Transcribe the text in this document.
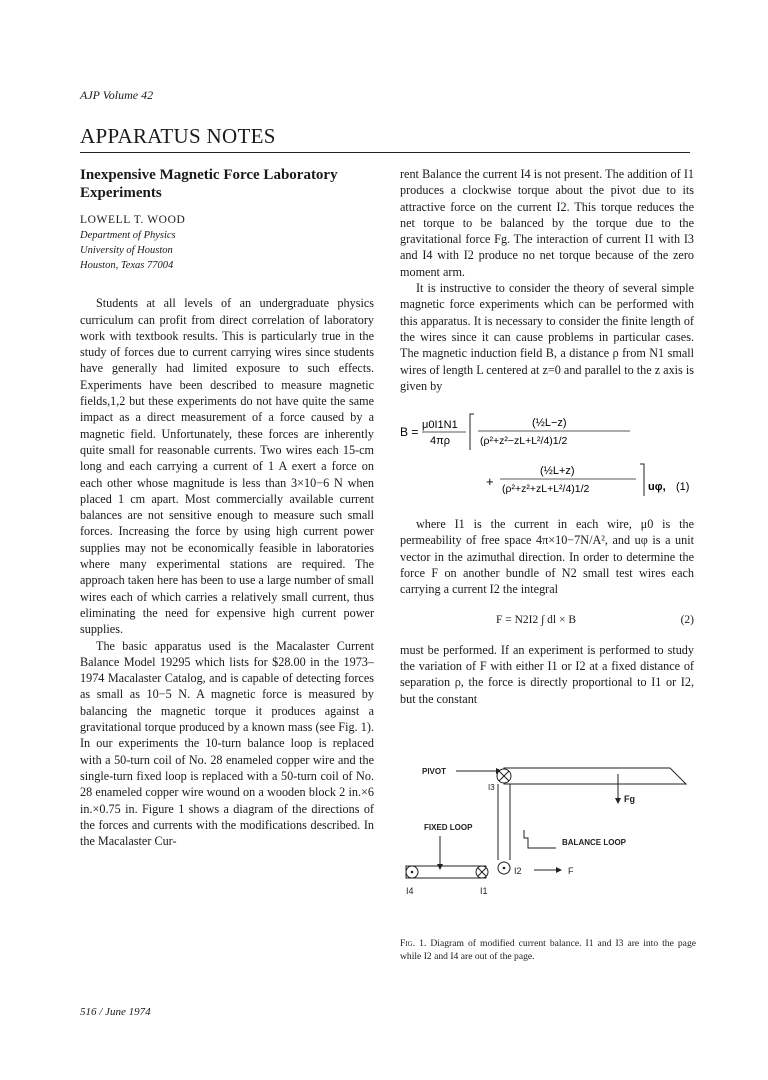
AJP Volume 42
APPARATUS NOTES
Inexpensive Magnetic Force Laboratory Experiments
LOWELL T. WOOD
Department of Physics
University of Houston
Houston, Texas 77004

Students at all levels of an undergraduate physics curriculum can profit from direct correlation of laboratory work with textbook results. This is particularly true in the study of forces due to current carrying wires since students have generally had limited exposure to such effects. Experiments have been described to measure magnetic fields,1,2 but these experiments do not have quite the same impact as a direct measurement of a force caused by a magnetic field. Unfortunately, these forces are inherently quite small for reasonable currents. Two wires each 15-cm long and each carrying a current of 1 A exert a force on each other whose magnitude is less than 3×10−6 N when placed 1 cm apart. Most commercially available current balances are not sensitive enough to measure such small forces. Increasing the force by using high current power supplies may not be economically feasible in laboratories where many experimental stations are required. The approach taken here has been to use a large number of small wires each of which carries a relatively small current, thus eliminating the need for expensive high current power supplies.

The basic apparatus used is the Macalaster Current Balance Model 19295 which lists for $28.00 in the 1973–1974 Macalaster Catalog, and is capable of detecting forces as small as 10−5 N. A magnetic force is measured by balancing the magnetic torque it produces against a gravitational torque produced by a known mass (see Fig. 1). In our experiments the 10-turn balance loop is replaced with a 50-turn coil of No. 28 enameled copper wire and the single-turn fixed loop is replaced with a 50-turn coil of No. 28 enameled copper wire wound on a wooden block 2 in.×6 in.×0.75 in. Figure 1 shows a diagram of the directions of the forces and currents with the modifications described. In the Macalaster Cur-

rent Balance the current I4 is not present. The addition of I1 produces a clockwise torque about the pivot due to its attractive force on the current I2. This torque reduces the net torque to be balanced by the torque due to the gravitational force Fg. The interaction of current I1 with I3 and I4 with I2 produce no net torque because of the zero moment arm.

It is instructive to consider the theory of several simple magnetic force experiments which can be performed with this apparatus. It is necessary to consider the finite length of the wires since it can cause problems in particular cases. The magnetic induction field B, a distance ρ from N1 small wires of length L centered at z=0 and parallel to the z axis is given by

B = μ0I1N1
4πρ
(½L−z)
(ρ²+z²−zL+L²/4)1/2
+
(½L+z)
(ρ²+z²+zL+L²/4)1/2	uφ, (1)

where I1 is the current in each wire, μ0 is the permeability of free space 4π×10−7N/A², and uφ is a unit vector in the azimuthal direction. In order to determine the force F on another bundle of N2 small test wires each carrying a current I2 the integral

F = N2I2 ∫ dl × B	(2)

must be performed. If an experiment is performed to study the variation of F with either I1 or I2 at a fixed distance of separation ρ, the force is directly proportional to I1 or I2, but the constant

PIVOT
I3
Fg
FIXED LOOP
BALANCE LOOP
I2	F
I4	I1
Fig. 1. Diagram of modified current balance. I1 and I3 are into the page while I2 and I4 are out of the page.
516 / June 1974
